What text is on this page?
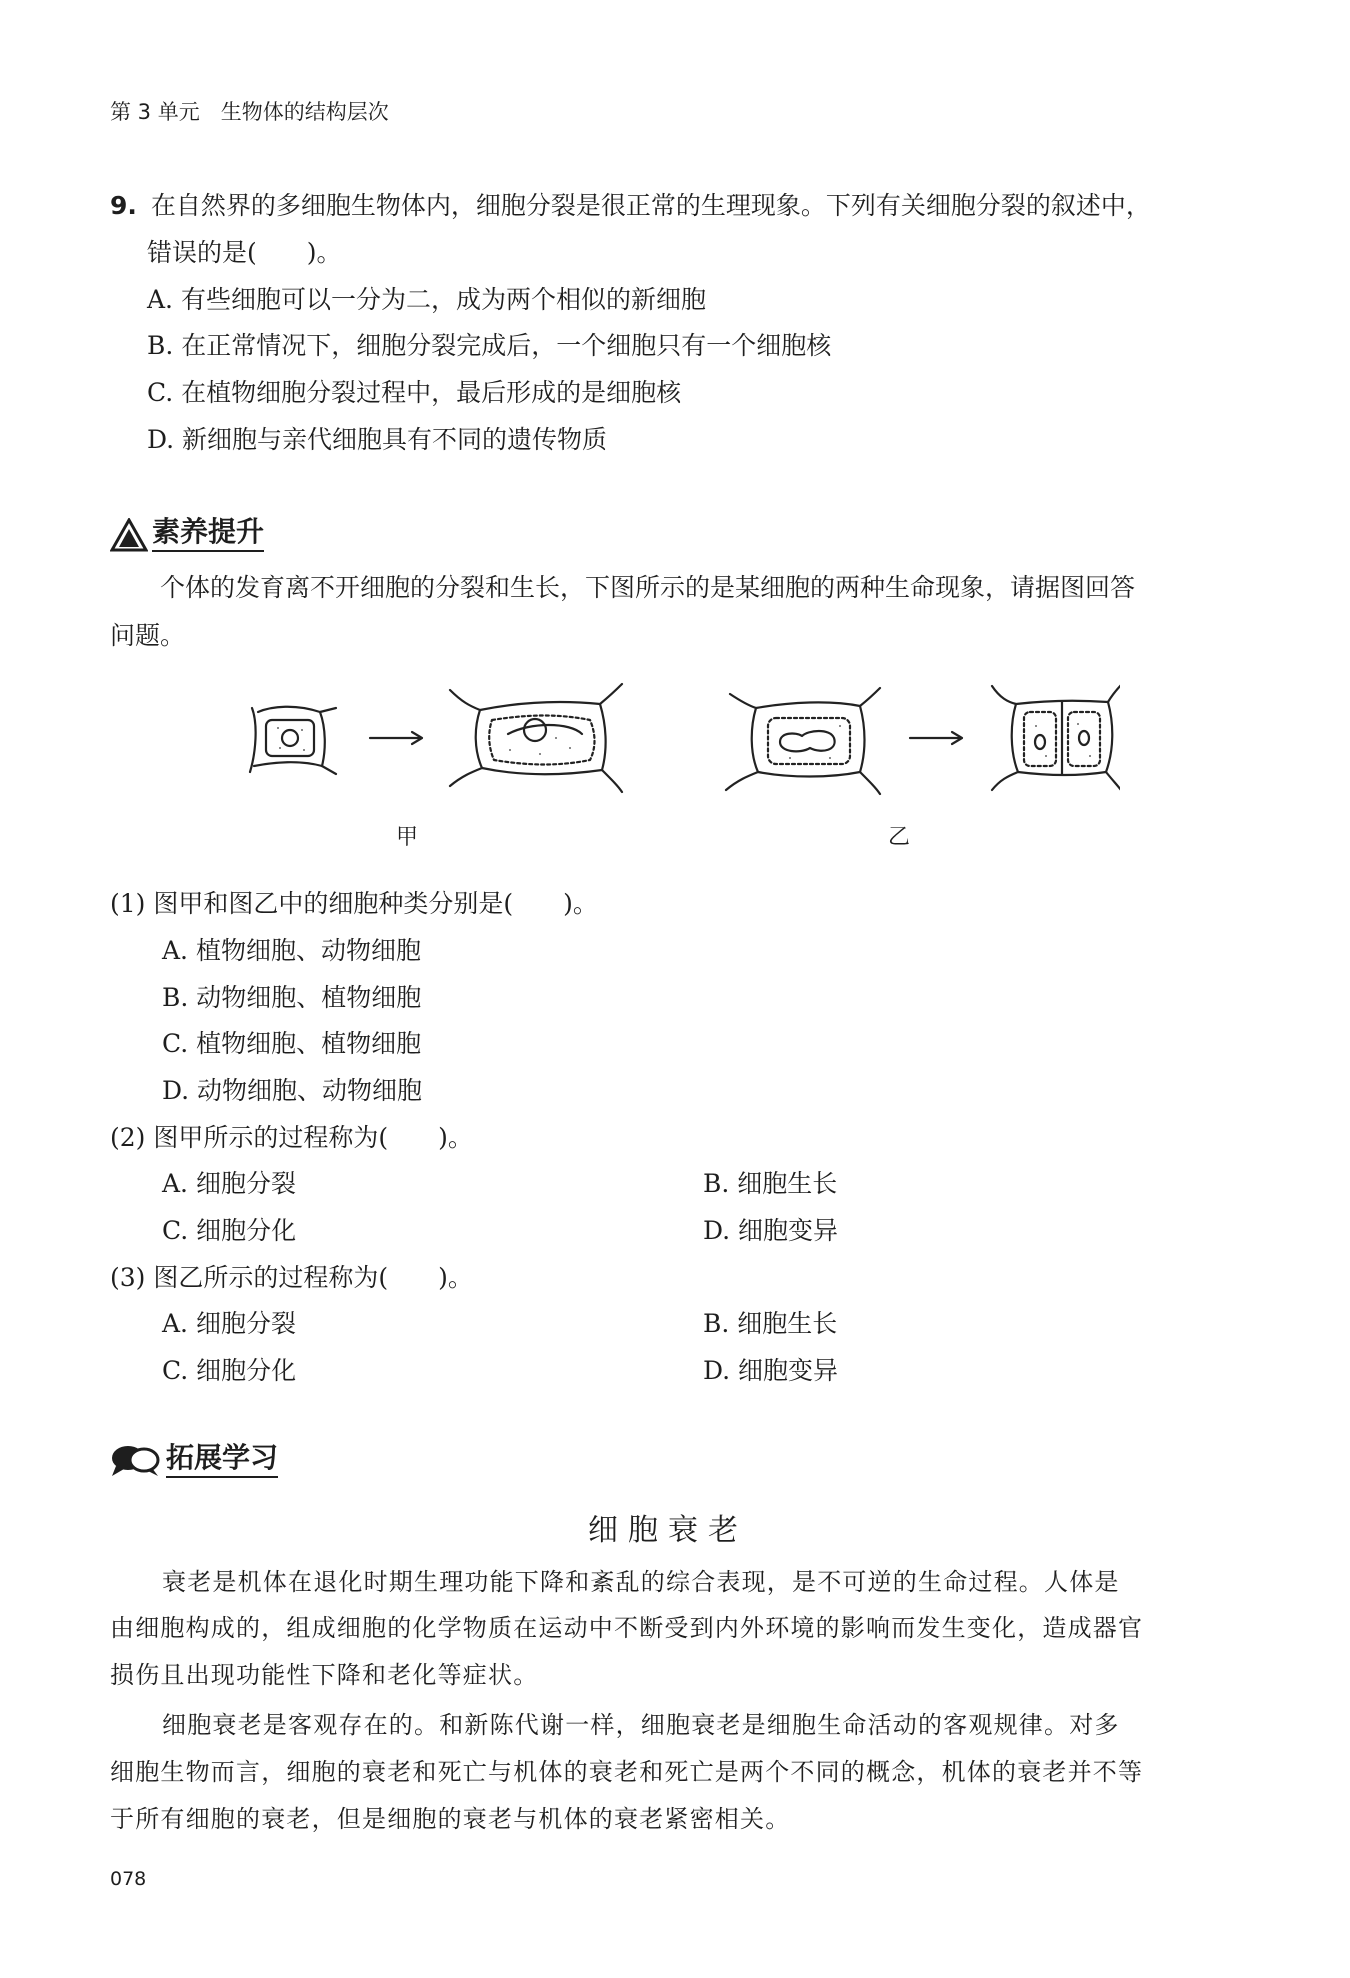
第 3 单元　生物体的结构层次
9. 在自然界的多细胞生物体内，细胞分裂是很正常的生理现象。下列有关细胞分裂的叙述中，
错误的是(　　)。
A. 有些细胞可以一分为二，成为两个相似的新细胞
B. 在正常情况下，细胞分裂完成后，一个细胞只有一个细胞核
C. 在植物细胞分裂过程中，最后形成的是细胞核
D. 新细胞与亲代细胞具有不同的遗传物质
素养提升
个体的发育离不开细胞的分裂和生长，下图所示的是某细胞的两种生命现象，请据图回答
问题。
甲	乙
(1) 图甲和图乙中的细胞种类分别是(　　)。
A. 植物细胞、动物细胞
B. 动物细胞、植物细胞
C. 植物细胞、植物细胞
D. 动物细胞、动物细胞
(2) 图甲所示的过程称为(　　)。
A. 细胞分裂	B. 细胞生长
C. 细胞分化	D. 细胞变异
(3) 图乙所示的过程称为(　　)。
A. 细胞分裂	B. 细胞生长
C. 细胞分化	D. 细胞变异
拓展学习
细胞衰老
衰老是机体在退化时期生理功能下降和紊乱的综合表现，是不可逆的生命过程。人体是
由细胞构成的，组成细胞的化学物质在运动中不断受到内外环境的影响而发生变化，造成器官
损伤且出现功能性下降和老化等症状。
细胞衰老是客观存在的。和新陈代谢一样，细胞衰老是细胞生命活动的客观规律。对多
细胞生物而言，细胞的衰老和死亡与机体的衰老和死亡是两个不同的概念，机体的衰老并不等
于所有细胞的衰老，但是细胞的衰老与机体的衰老紧密相关。
078
